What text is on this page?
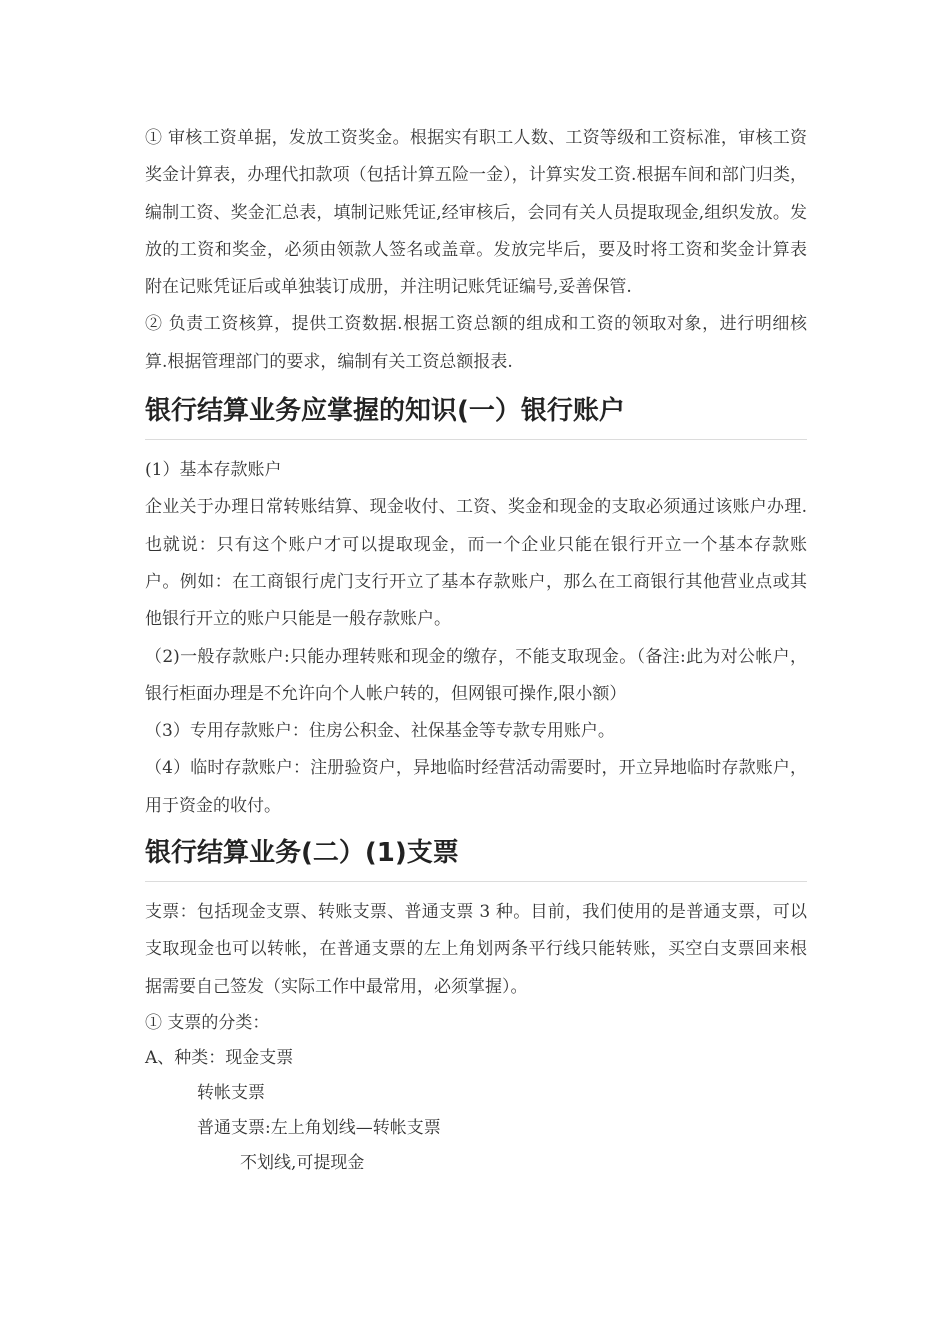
① 审核工资单据，发放工资奖金。根据实有职工人数、工资等级和工资标准，审核工资奖金计算表，办理代扣款项（包括计算五险一金），计算实发工资.根据车间和部门归类，编制工资、奖金汇总表，填制记账凭证,经审核后，会同有关人员提取现金,组织发放。发放的工资和奖金，必须由领款人签名或盖章。发放完毕后，要及时将工资和奖金计算表附在记账凭证后或单独装订成册，并注明记账凭证编号,妥善保管.

② 负责工资核算，提供工资数据.根据工资总额的组成和工资的领取对象，进行明细核算.根据管理部门的要求，编制有关工资总额报表.

银行结算业务应掌握的知识(一）银行账户

(1）基本存款账户

企业关于办理日常转账结算、现金收付、工资、奖金和现金的支取必须通过该账户办理.也就说：只有这个账户才可以提取现金，而一个企业只能在银行开立一个基本存款账户。例如：在工商银行虎门支行开立了基本存款账户，那么在工商银行其他营业点或其他银行开立的账户只能是一般存款账户。

（2)一般存款账户:只能办理转账和现金的缴存，不能支取现金。（备注:此为对公帐户，银行柜面办理是不允许向个人帐户转的，但网银可操作,限小额）

（3）专用存款账户：住房公积金、社保基金等专款专用账户。

（4）临时存款账户：注册验资户，异地临时经营活动需要时，开立异地临时存款账户，用于资金的收付。

银行结算业务(二）(1)支票

支票：包括现金支票、转账支票、普通支票 3 种。目前，我们使用的是普通支票，可以支取现金也可以转帐，在普通支票的左上角划两条平行线只能转账，买空白支票回来根据需要自己签发（实际工作中最常用，必须掌握）。

① 支票的分类：

A、种类：现金支票

转帐支票

普通支票:左上角划线—转帐支票

不划线,可提现金
